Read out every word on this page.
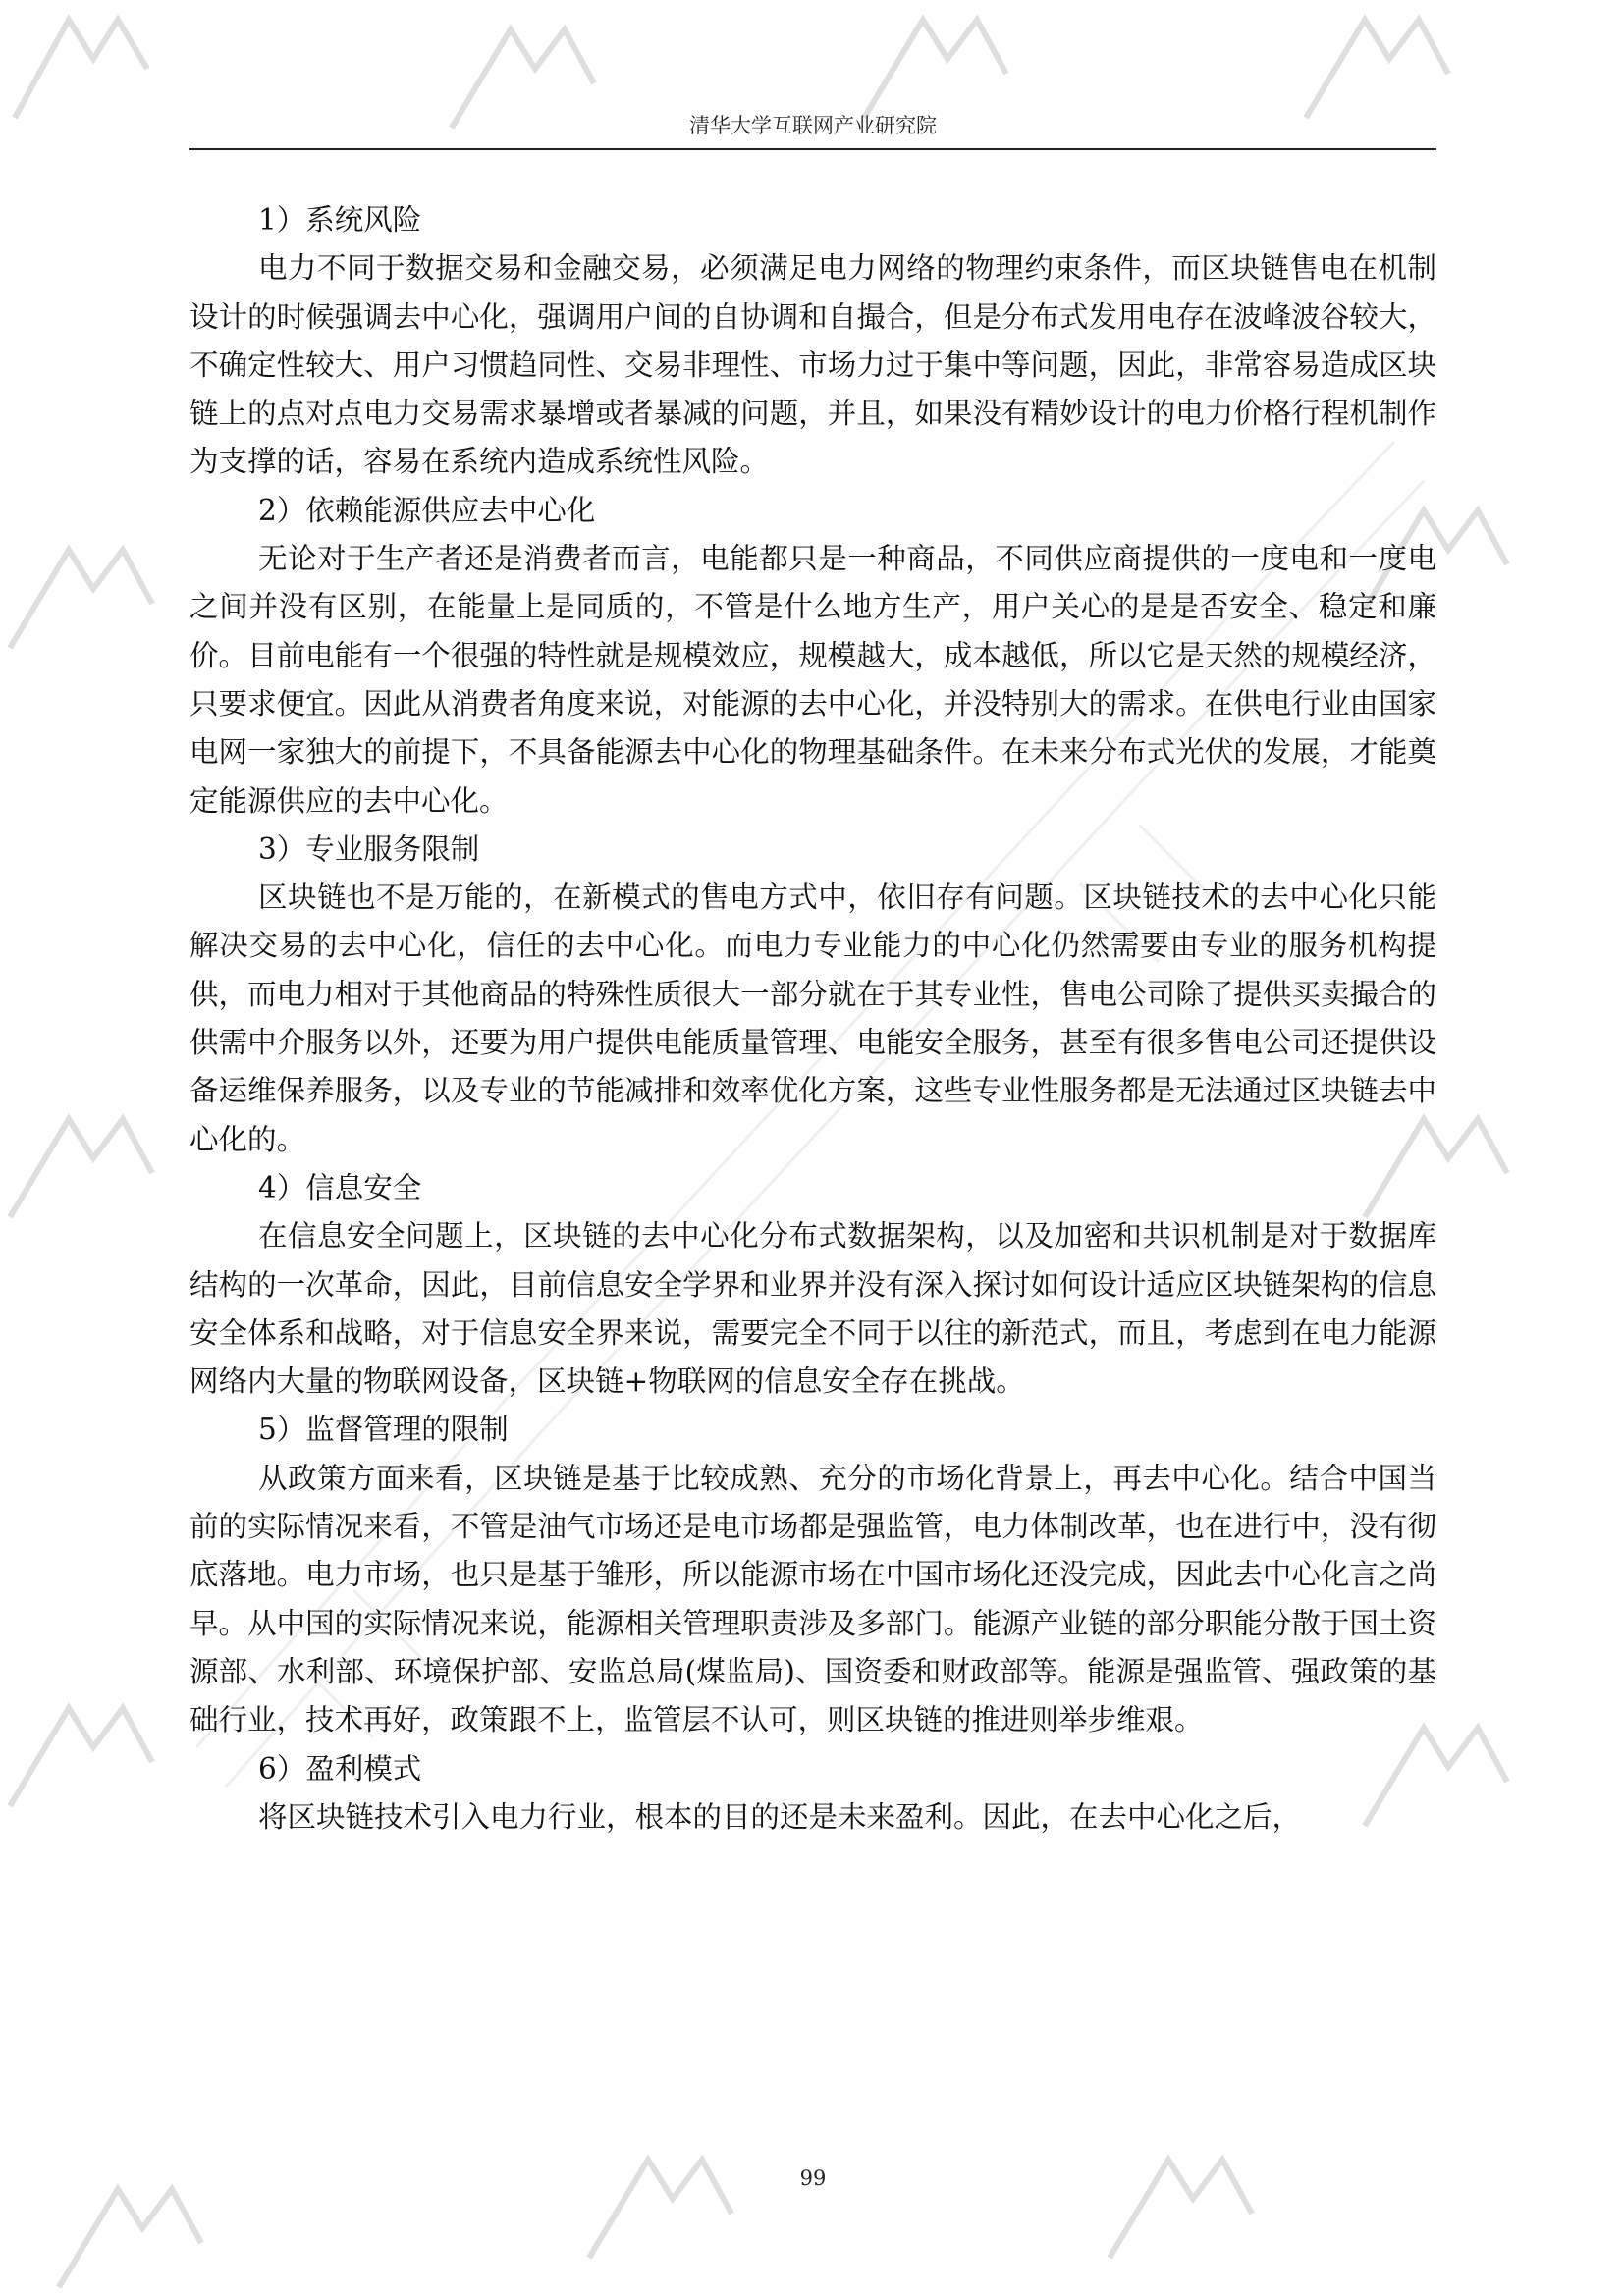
清华大学互联网产业研究院

1）系统风险

电力不同于数据交易和金融交易，必须满足电力网络的物理约束条件，而区块链售电在机制设计的时候强调去中心化，强调用户间的自协调和自撮合，但是分布式发用电存在波峰波谷较大，不确定性较大、用户习惯趋同性、交易非理性、市场力过于集中等问题，因此，非常容易造成区块链上的点对点电力交易需求暴增或者暴减的问题，并且，如果没有精妙设计的电力价格行程机制作为支撑的话，容易在系统内造成系统性风险。

2）依赖能源供应去中心化

无论对于生产者还是消费者而言，电能都只是一种商品，不同供应商提供的一度电和一度电之间并没有区别，在能量上是同质的，不管是什么地方生产，用户关心的是是否安全、稳定和廉价。目前电能有一个很强的特性就是规模效应，规模越大，成本越低，所以它是天然的规模经济，只要求便宜。因此从消费者角度来说，对能源的去中心化，并没特别大的需求。在供电行业由国家电网一家独大的前提下，不具备能源去中心化的物理基础条件。在未来分布式光伏的发展，才能奠定能源供应的去中心化。

3）专业服务限制

区块链也不是万能的，在新模式的售电方式中，依旧存有问题。区块链技术的去中心化只能解决交易的去中心化，信任的去中心化。而电力专业能力的中心化仍然需要由专业的服务机构提供，而电力相对于其他商品的特殊性质很大一部分就在于其专业性，售电公司除了提供买卖撮合的供需中介服务以外，还要为用户提供电能质量管理、电能安全服务，甚至有很多售电公司还提供设备运维保养服务，以及专业的节能减排和效率优化方案，这些专业性服务都是无法通过区块链去中心化的。

4）信息安全

在信息安全问题上，区块链的去中心化分布式数据架构，以及加密和共识机制是对于数据库结构的一次革命，因此，目前信息安全学界和业界并没有深入探讨如何设计适应区块链架构的信息安全体系和战略，对于信息安全界来说，需要完全不同于以往的新范式，而且，考虑到在电力能源网络内大量的物联网设备，区块链+物联网的信息安全存在挑战。

5）监督管理的限制

从政策方面来看，区块链是基于比较成熟、充分的市场化背景上，再去中心化。结合中国当前的实际情况来看，不管是油气市场还是电市场都是强监管，电力体制改革，也在进行中，没有彻底落地。电力市场，也只是基于雏形，所以能源市场在中国市场化还没完成，因此去中心化言之尚早。从中国的实际情况来说，能源相关管理职责涉及多部门。能源产业链的部分职能分散于国土资源部、水利部、环境保护部、安监总局(煤监局)、国资委和财政部等。能源是强监管、强政策的基础行业，技术再好，政策跟不上，监管层不认可，则区块链的推进则举步维艰。

6）盈利模式

将区块链技术引入电力行业，根本的目的还是未来盈利。因此，在去中心化之后，

99
